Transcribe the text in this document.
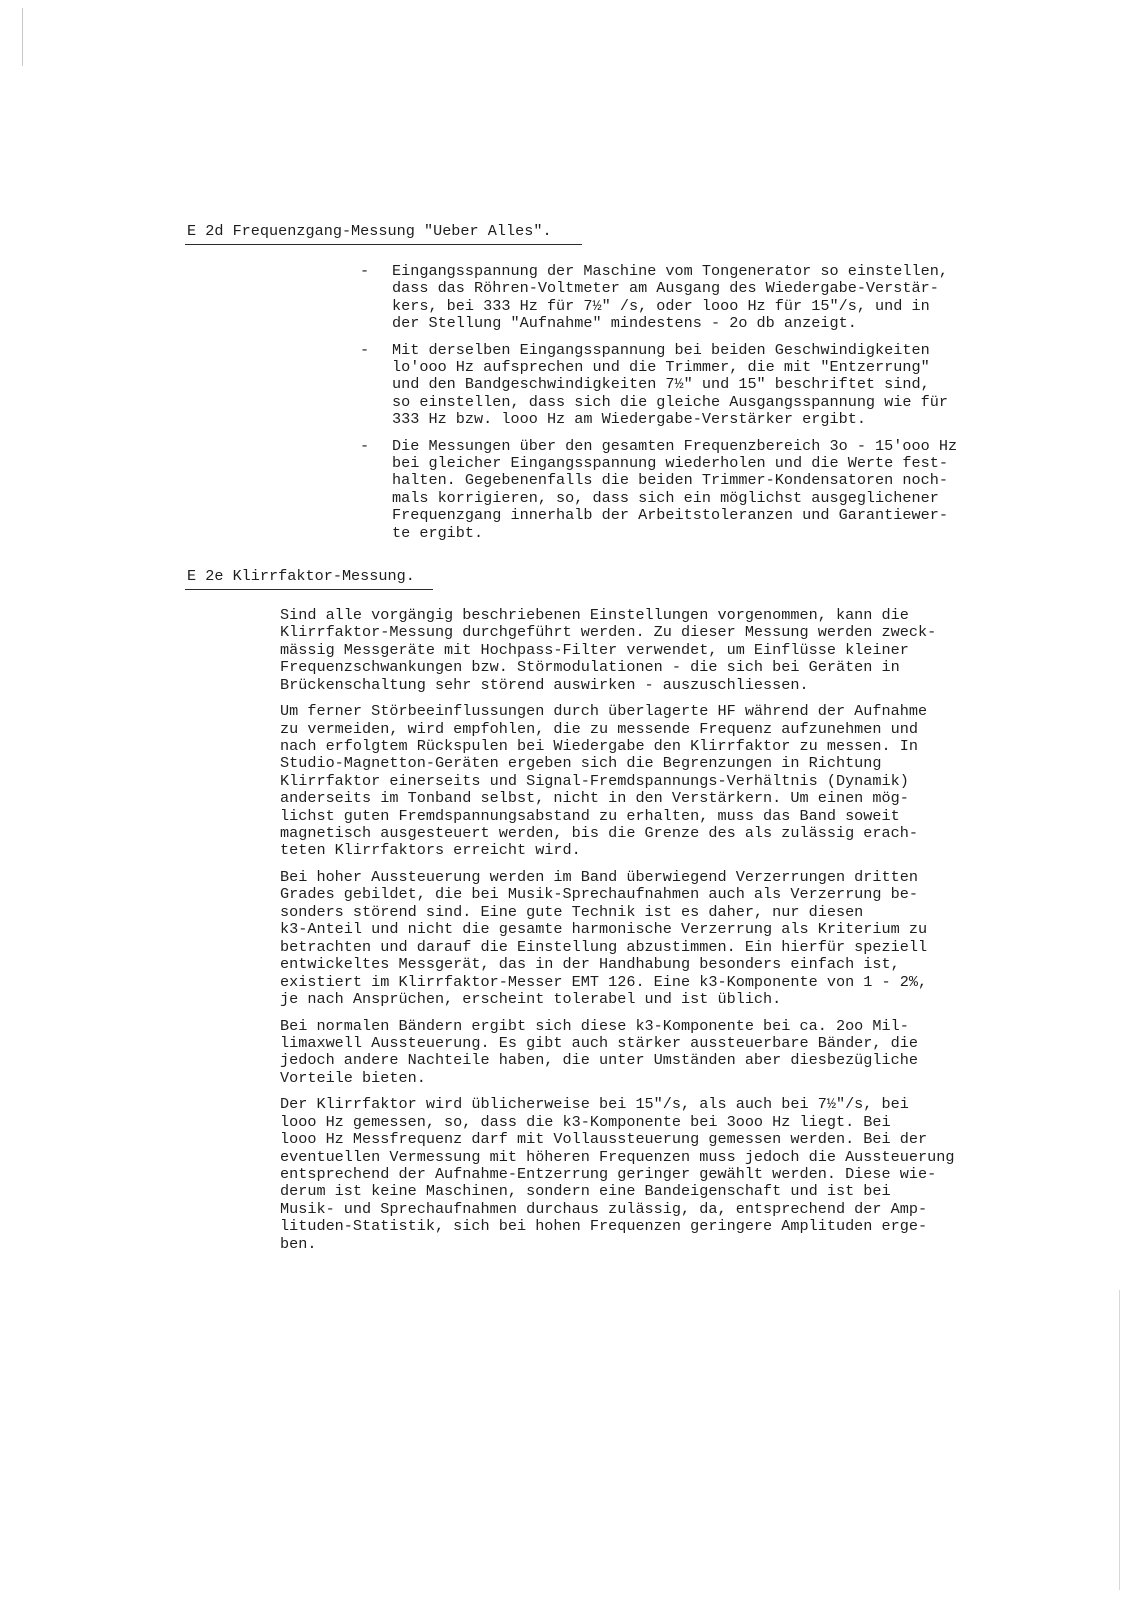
E 2d Frequenzgang-Messung "Ueber Alles".
- Eingangsspannung der Maschine vom Tongenerator so einstellen,
dass das Röhren-Voltmeter am Ausgang des Wiedergabe-Verstär-
kers, bei 333 Hz für 7½" /s, oder looo Hz für 15"/s, und in
der Stellung "Aufnahme" mindestens - 2o db anzeigt.
- Mit derselben Eingangsspannung bei beiden Geschwindigkeiten
lo'ooo Hz aufsprechen und die Trimmer, die mit "Entzerrung"
und den Bandgeschwindigkeiten 7½" und 15" beschriftet sind,
so einstellen, dass sich die gleiche Ausgangsspannung wie für
333 Hz bzw. looo Hz am Wiedergabe-Verstärker ergibt.
- Die Messungen über den gesamten Frequenzbereich 3o - 15'ooo Hz
bei gleicher Eingangsspannung wiederholen und die Werte fest-
halten. Gegebenenfalls die beiden Trimmer-Kondensatoren noch-
mals korrigieren, so, dass sich ein möglichst ausgeglichener
Frequenzgang innerhalb der Arbeitstoleranzen und Garantiewer-
te ergibt.
E 2e Klirrfaktor-Messung.
Sind alle vorgängig beschriebenen Einstellungen vorgenommen, kann die
Klirrfaktor-Messung durchgeführt werden. Zu dieser Messung werden zweck-
mässig Messgeräte mit Hochpass-Filter verwendet, um Einflüsse kleiner
Frequenzschwankungen bzw. Störmodulationen - die sich bei Geräten in
Brückenschaltung sehr störend auswirken - auszuschliessen.
Um ferner Störbeeinflussungen durch überlagerte HF während der Aufnahme
zu vermeiden, wird empfohlen, die zu messende Frequenz aufzunehmen und
nach erfolgtem Rückspulen bei Wiedergabe den Klirrfaktor zu messen. In
Studio-Magnetton-Geräten ergeben sich die Begrenzungen in Richtung
Klirrfaktor einerseits und Signal-Fremdspannungs-Verhältnis (Dynamik)
anderseits im Tonband selbst, nicht in den Verstärkern. Um einen mög-
lichst guten Fremdspannungsabstand zu erhalten, muss das Band soweit
magnetisch ausgesteuert werden, bis die Grenze des als zulässig erach-
teten Klirrfaktors erreicht wird.
Bei hoher Aussteuerung werden im Band überwiegend Verzerrungen dritten
Grades gebildet, die bei Musik-Sprechaufnahmen auch als Verzerrung be-
sonders störend sind. Eine gute Technik ist es daher, nur diesen
k3-Anteil und nicht die gesamte harmonische Verzerrung als Kriterium zu
betrachten und darauf die Einstellung abzustimmen. Ein hierfür speziell
entwickeltes Messgerät, das in der Handhabung besonders einfach ist,
existiert im Klirrfaktor-Messer EMT 126. Eine k3-Komponente von 1 - 2%,
je nach Ansprüchen, erscheint tolerabel und ist üblich.
Bei normalen Bändern ergibt sich diese k3-Komponente bei ca. 2oo Mil-
limaxwell Aussteuerung. Es gibt auch stärker aussteuerbare Bänder, die
jedoch andere Nachteile haben, die unter Umständen aber diesbezügliche
Vorteile bieten.
Der Klirrfaktor wird üblicherweise bei 15"/s, als auch bei 7½"/s, bei
looo Hz gemessen, so, dass die k3-Komponente bei 3ooo Hz liegt. Bei
looo Hz Messfrequenz darf mit Vollaussteuerung gemessen werden. Bei der
eventuellen Vermessung mit höheren Frequenzen muss jedoch die Aussteuerung
entsprechend der Aufnahme-Entzerrung geringer gewählt werden. Diese wie-
derum ist keine Maschinen, sondern eine Bandeigenschaft und ist bei
Musik- und Sprechaufnahmen durchaus zulässig, da, entsprechend der Amp-
lituden-Statistik, sich bei hohen Frequenzen geringere Amplituden erge-
ben.
